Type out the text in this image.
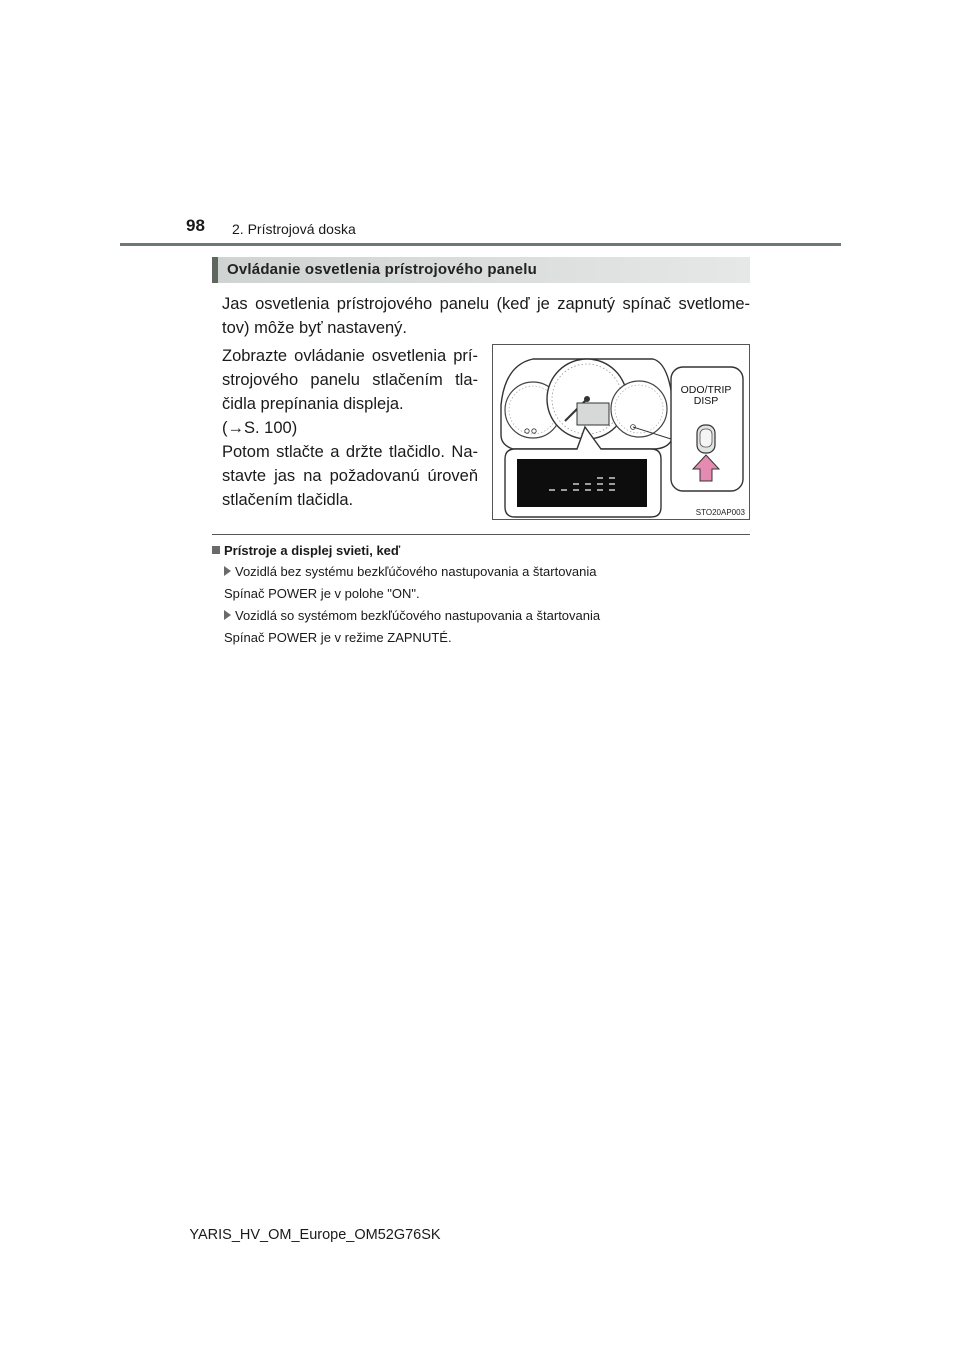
98 2. Prístrojová doska
Ovládanie osvetlenia prístrojového panelu

Jas osvetlenia prístrojového panelu (keď je zapnutý spínač svetlome-tov) môže byť nastavený.

Zobrazte ovládanie osvetlenia prí-strojového panelu stlačením tla-čidla prepínania displeja.

(→S. 100)

Potom stlačte a držte tlačidlo. Na-stavte jas na požadovanú úroveň stlačením tlačidla.

ODO/TRIP
DISP
STO20AP003
Prístroje a displej svieti, keď
Vozidlá bez systému bezkľúčového nastupovania a štartovania
Spínač POWER je v polohe "ON".
Vozidlá so systémom bezkľúčového nastupovania a štartovania
Spínač POWER je v režime ZAPNUTÉ.
YARIS_HV_OM_Europe_OM52G76SK
